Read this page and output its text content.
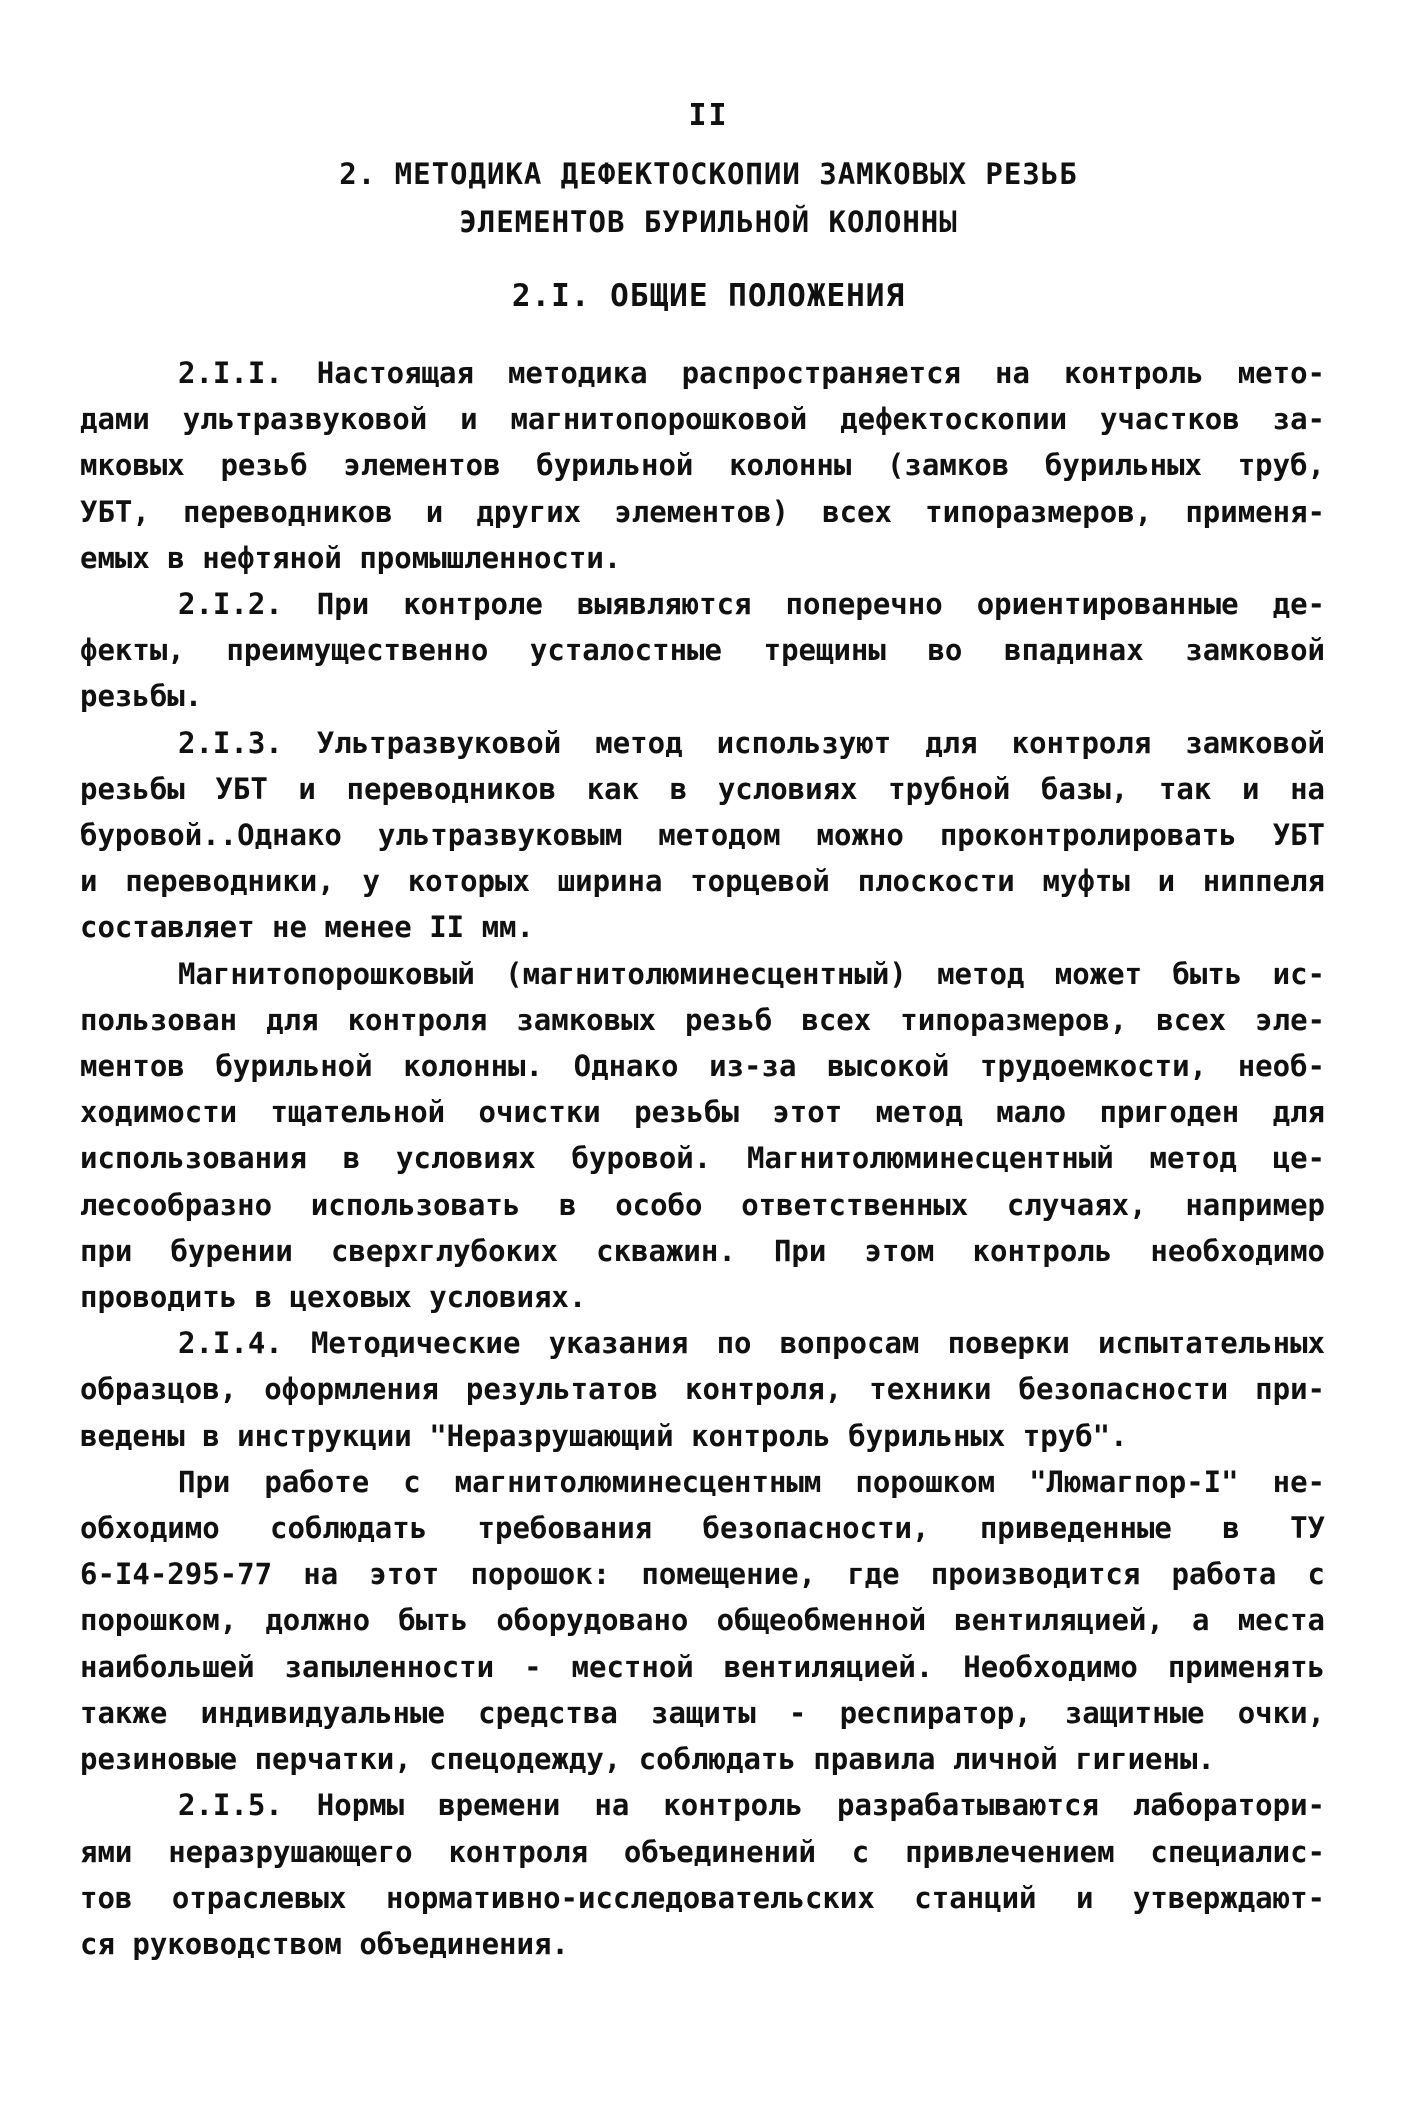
II
2. МЕТОДИКА ДЕФЕКТОСКОПИИ ЗАМКОВЫХ РЕЗЬБ
ЭЛЕМЕНТОВ БУРИЛЬНОЙ КОЛОННЫ
2.I. ОБЩИЕ ПОЛОЖЕНИЯ
2.I.I. Настоящая методика распространяется на контроль мето-
дами ультразвуковой и магнитопорошковой дефектоскопии участков за-
мковых резьб элементов бурильной колонны (замков бурильных труб,
УБТ, переводников и других элементов) всех типоразмеров, применя-
емых в нефтяной промышленности.
2.I.2. При контроле выявляются поперечно ориентированные де-
фекты, преимущественно усталостные трещины во впадинах замковой
резьбы.
2.I.3. Ультразвуковой метод используют для контроля замковой
резьбы УБТ и переводников как в условиях трубной базы, так и на
буровой..Однако ультразвуковым методом можно проконтролировать УБТ
и переводники, у которых ширина торцевой плоскости муфты и ниппеля
составляет не менее II мм.
Магнитопорошковый (магнитолюминесцентный) метод может быть ис-
пользован для контроля замковых резьб всех типоразмеров, всех эле-
ментов бурильной колонны. Однако из-за высокой трудоемкости, необ-
ходимости тщательной очистки резьбы этот метод мало пригоден для
использования в условиях буровой. Магнитолюминесцентный метод це-
лесообразно использовать в особо ответственных случаях, например
при бурении сверхглубоких скважин. При этом контроль необходимо
проводить в цеховых условиях.
2.I.4. Методические указания по вопросам поверки испытательных
образцов, оформления результатов контроля, техники безопасности при-
ведены в инструкции "Неразрушающий контроль бурильных труб".
При работе с магнитолюминесцентным порошком "Люмагпор-I" не-
обходимо соблюдать требования безопасности, приведенные в ТУ
6-I4-295-77 на этот порошок: помещение, где производится работа с
порошком, должно быть оборудовано общеобменной вентиляцией, а места
наибольшей запыленности - местной вентиляцией. Необходимо применять
также индивидуальные средства защиты - респиратор, защитные очки,
резиновые перчатки, спецодежду, соблюдать правила личной гигиены.
2.I.5. Нормы времени на контроль разрабатываются лаборатори-
ями неразрушающего контроля объединений с привлечением специалис-
тов отраслевых нормативно-исследовательских станций и утверждают-
ся руководством объединения.
